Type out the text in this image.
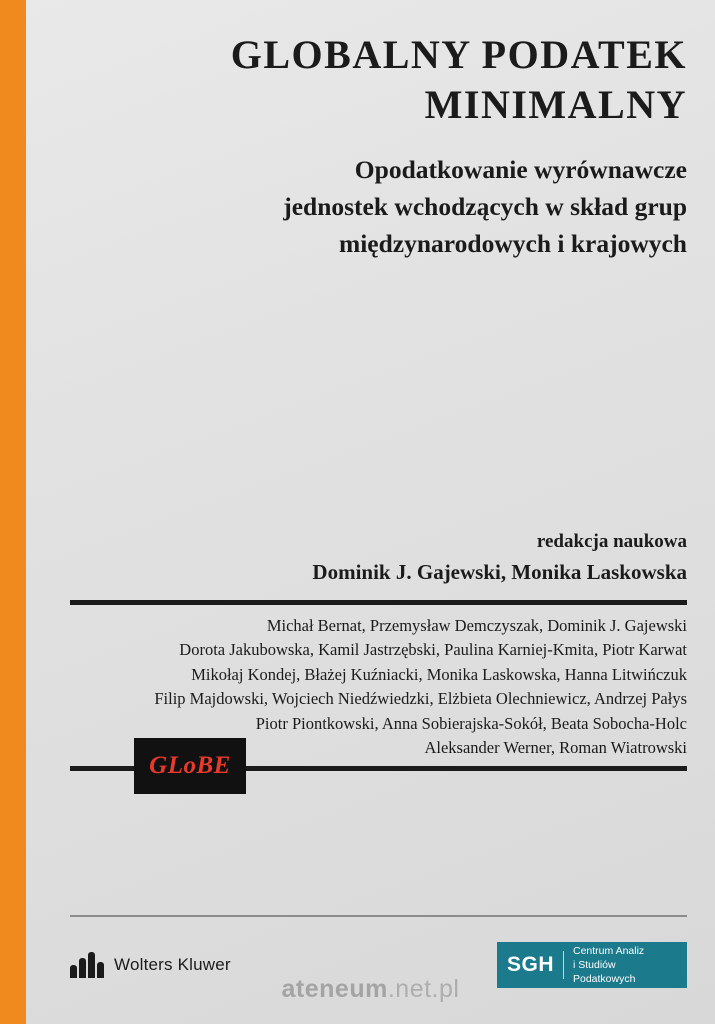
GLOBALNY PODATEK
MINIMALNY
Opodatkowanie wyrównawcze
jednostek wchodzących w skład grup
międzynarodowych i krajowych
redakcja naukowa
Dominik J. Gajewski, Monika Laskowska
Michał Bernat, Przemysław Demczyszak, Dominik J. Gajewski
Dorota Jakubowska, Kamil Jastrzębski, Paulina Karniej-Kmita, Piotr Karwat
Mikołaj Kondej, Błażej Kuźniacki, Monika Laskowska, Hanna Litwińczuk
Filip Majdowski, Wojciech Niedźwiedzki, Elżbieta Olechniewicz, Andrzej Pałys
Piotr Piontkowski, Anna Sobierajska-Sokół, Beata Sobocha-Holc
Aleksander Werner, Roman Wiatrowski
GLoBE
Wolters Kluwer	SGH
Centrum Analiz
i Studiów Podatkowych
ateneum.net.pl
